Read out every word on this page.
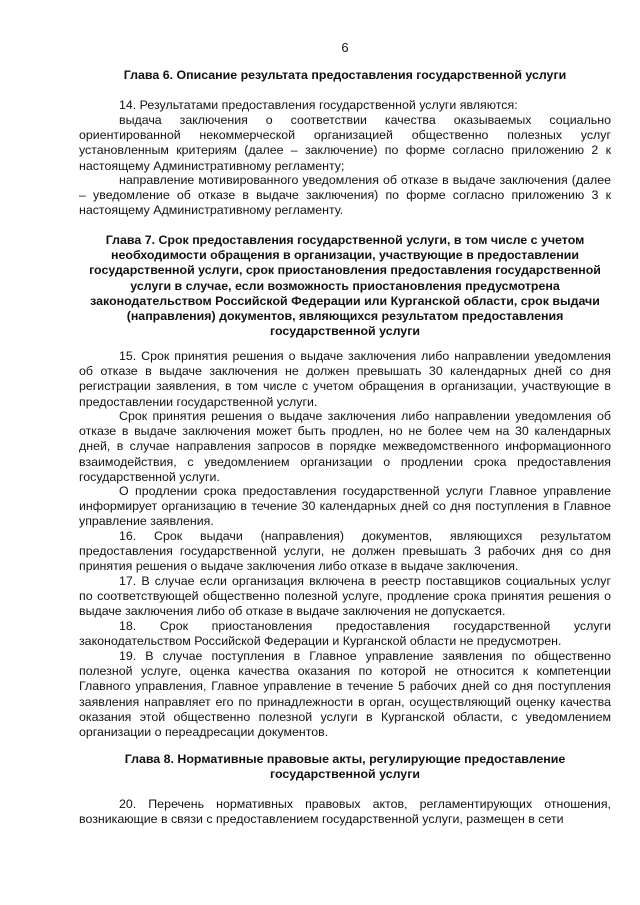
6
Глава 6. Описание результата предоставления государственной услуги

14. Результатами предоставления государственной услуги являются:

выдача заключения о соответствии качества оказываемых социально ориентированной некоммерческой организацией общественно полезных услуг установленным критериям (далее – заключение) по форме согласно приложению 2 к настоящему Административному регламенту;

направление мотивированного уведомления об отказе в выдаче заключения (далее – уведомление об отказе в выдаче заключения) по форме согласно приложению 3 к настоящему Административному регламенту.

Глава 7. Срок предоставления государственной услуги, в том числе с учетом необходимости обращения в организации, участвующие в предоставлении государственной услуги, срок приостановления предоставления государственной услуги в случае, если возможность приостановления предусмотрена законодательством Российской Федерации или Курганской области, срок выдачи (направления) документов, являющихся результатом предоставления государственной услуги

15. Срок принятия решения о выдаче заключения либо направлении уведомления об отказе в выдаче заключения не должен превышать 30 календарных дней со дня регистрации заявления, в том числе с учетом обращения в организации, участвующие в предоставлении государственной услуги.

Срок принятия решения о выдаче заключения либо направлении уведомления об отказе в выдаче заключения может быть продлен, но не более чем на 30 календарных дней, в случае направления запросов в порядке межведомственного информационного взаимодействия, с уведомлением организации о продлении срока предоставления государственной услуги.

О продлении срока предоставления государственной услуги Главное управление информирует организацию в течение 30 календарных дней со дня поступления в Главное управление заявления.

16. Срок выдачи (направления) документов, являющихся результатом предоставления государственной услуги, не должен превышать 3 рабочих дня со дня принятия решения о выдаче заключения либо отказе в выдаче заключения.

17. В случае если организация включена в реестр поставщиков социальных услуг по соответствующей общественно полезной услуге, продление срока принятия решения о выдаче заключения либо об отказе в выдаче заключения не допускается.

18. Срок приостановления предоставления государственной услуги законодательством Российской Федерации и Курганской области не предусмотрен.

19. В случае поступления в Главное управление заявления по общественно полезной услуге, оценка качества оказания по которой не относится к компетенции Главного управления, Главное управление в течение 5 рабочих дней со дня поступления заявления направляет его по принадлежности в орган, осуществляющий оценку качества оказания этой общественно полезной услуги в Курганской области, с уведомлением организации о переадресации документов.

Глава 8. Нормативные правовые акты, регулирующие предоставление государственной услуги

20. Перечень нормативных правовых актов, регламентирующих отношения, возникающие в связи с предоставлением государственной услуги, размещен в сети
